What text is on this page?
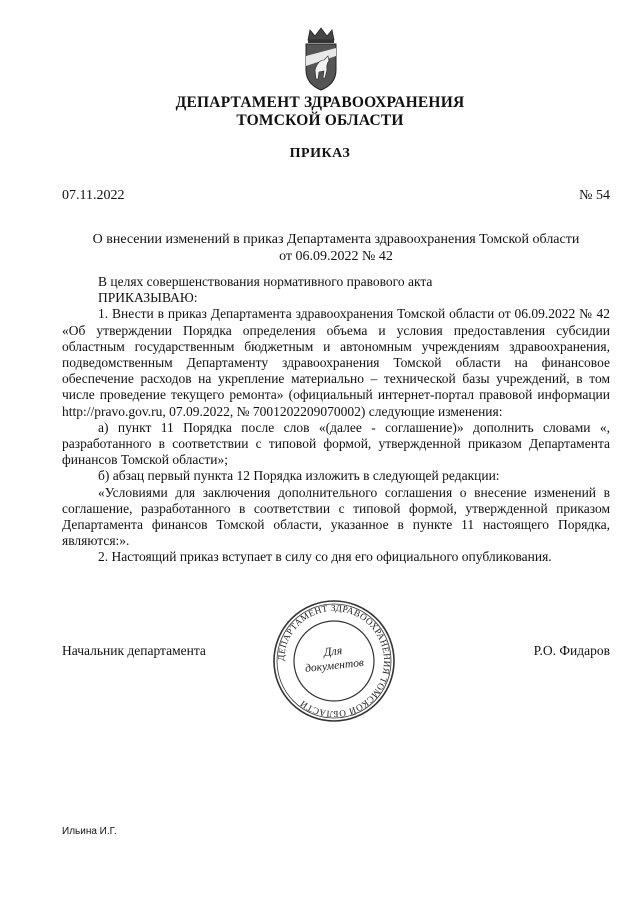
ДЕПАРТАМЕНТ ЗДРАВООХРАНЕНИЯ
ТОМСКОЙ ОБЛАСТИ
ПРИКАЗ
07.11.2022	№ 54
О внесении изменений в приказ Департамента здравоохранения Томской области
от 06.09.2022 № 42

В целях совершенствования нормативного правового акта

ПРИКАЗЫВАЮ:

1. Внести в приказ Департамента здравоохранения Томской области от 06.09.2022 № 42 «Об утверждении Порядка определения объема и условия предоставления субсидии областным государственным бюджетным и автономным учреждениям здравоохранения, подведомственным Департаменту здравоохранения Томской области на финансовое обеспечение расходов на укрепление материально – технической базы учреждений, в том числе проведение текущего ремонта» (официальный интернет-портал правовой информации http://pravo.gov.ru, 07.09.2022, № 7001202209070002) следующие изменения:

а) пункт 11 Порядка после слов «(далее - соглашение)» дополнить словами «, разработанного в соответствии с типовой формой, утвержденной приказом Департамента финансов Томской области»;

б) абзац первый пункта 12 Порядка изложить в следующей редакции:

«Условиями для заключения дополнительного соглашения о внесение изменений в соглашение, разработанного в соответствии с типовой формой, утвержденной приказом Департамента финансов Томской области, указанное в пункте 11 настоящего Порядка, являются:».

2. Настоящий приказ вступает в силу со дня его официального опубликования.

Начальник департамента	Р.О. Фидаров
ДЕПАРТАМЕНТ ЗДРАВООХРАНЕНИЯ ТОМСКОЙ ОБЛАСТИ
Для
документов
Ильина И.Г.
